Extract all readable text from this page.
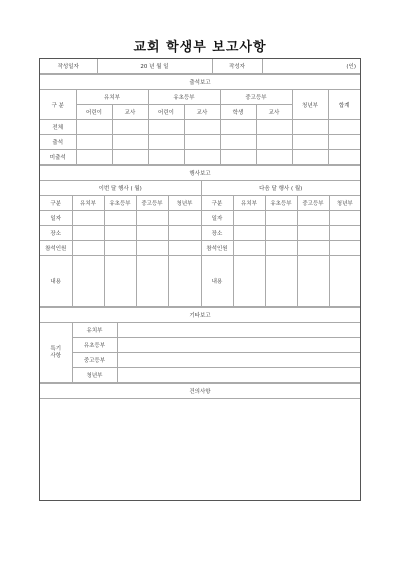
교회 학생부 보고사항
작성일자	20 년 월 일	작성자	(인)
출석보고								
구 분	유치부		유초등부		중고등부		청년부	합계
	어린이	교사	어린이	교사	학생	교사		
전체								
출석								
미출석								
행사보고									
이번 달 행사 ( 월)					다음 달 행사 ( 월)				
구분	유치부	유초등부	중고등부	청년부	구분	유치부	유초등부	중고등부	청년부
일자					일자				
장소					장소				
참석인원					참석인원				
내용					내용				
기타보고		
특기사항	유치부	
	유초등부	
	중고등부	
	청년부	
건의사항
